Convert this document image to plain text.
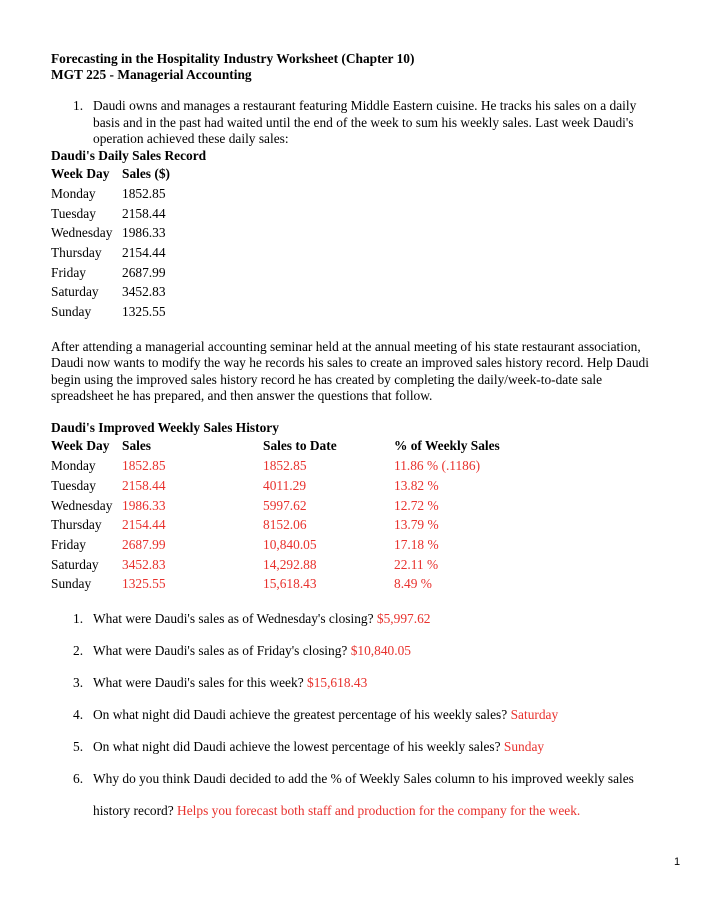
Forecasting in the Hospitality Industry Worksheet (Chapter 10)
MGT 225 - Managerial Accounting
1. Daudi owns and manages a restaurant featuring Middle Eastern cuisine. He tracks his sales on a daily
basis and in the past had waited until the end of the week to sum his weekly sales. Last week Daudi's
operation achieved these daily sales:
Daudi's Daily Sales Record
Week Day Sales ($)
Monday 1852.85
Tuesday 2158.44
Wednesday 1986.33
Thursday 2154.44
Friday	2687.99
Saturday 3452.83
Sunday 1325.55
After attending a managerial accounting seminar held at the annual meeting of his state restaurant association,
Daudi now wants to modify the way he records his sales to create an improved sales history record. Help Daudi
begin using the improved sales history record he has created by completing the daily/week-to-date sale
spreadsheet he has prepared, and then answer the questions that follow.
Daudi's Improved Weekly Sales History
Week Day Sales	Sales to Date	% of Weekly Sales
Monday 1852.85	1852.85	11.86 % (.1186)
Tuesday 2158.44	4011.29	13.82 %
Wednesday 1986.33	5997.62	12.72 %
Thursday 2154.44	8152.06	13.79 %
Friday	2687.99	10,840.05	17.18 %
Saturday 3452.83	14,292.88	22.11 %
Sunday 1325.55	15,618.43	8.49 %
1. What were Daudi's sales as of Wednesday's closing? $5,997.62
2. What were Daudi's sales as of Friday's closing? $10,840.05
3. What were Daudi's sales for this week? $15,618.43
4. On what night did Daudi achieve the greatest percentage of his weekly sales? Saturday
5. On what night did Daudi achieve the lowest percentage of his weekly sales? Sunday
6. Why do you think Daudi decided to add the % of Weekly Sales column to his improved weekly sales
history record? Helps you forecast both staff and production for the company for the week.
1
